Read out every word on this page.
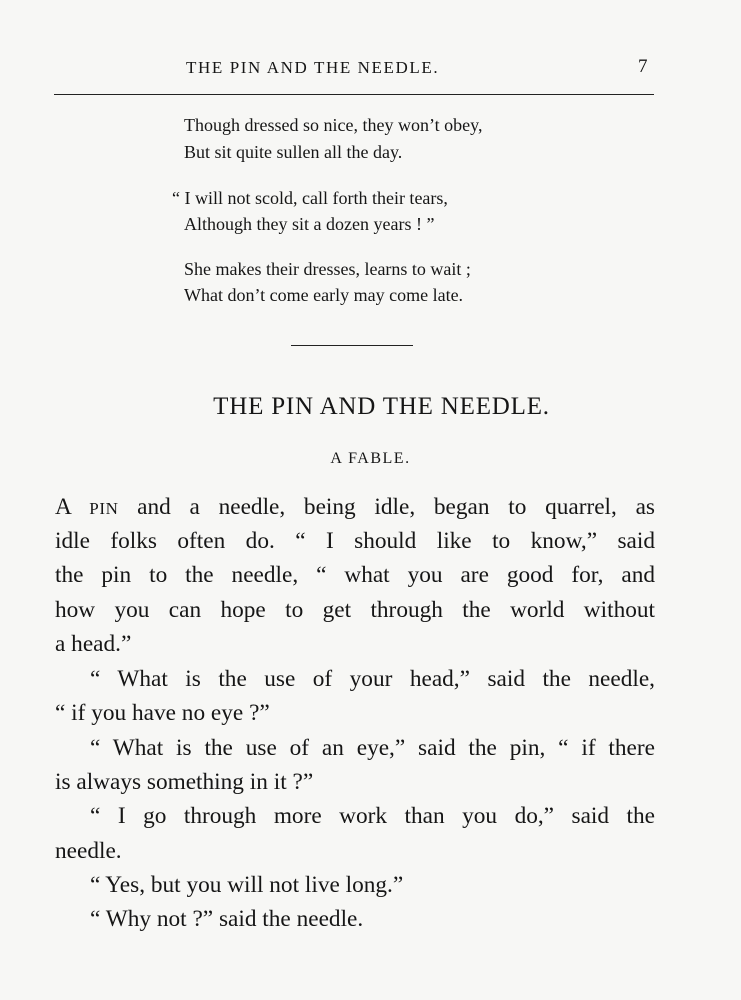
THE PIN AND THE NEEDLE.	7
Though dressed so nice, they won’t obey,
But sit quite sullen all the day.
“ I will not scold, call forth their tears,
Although they sit a dozen years ! ”
She makes their dresses, learns to wait ;
What don’t come early may come late.
THE PIN AND THE NEEDLE.
A FABLE.
A PIN and a needle, being idle, began to quarrel, as
idle folks often do. “ I should like to know,” said
the pin to the needle, “ what you are good for, and
how you can hope to get through the world without
a head.”
“ What is the use of your head,” said the needle,
“ if you have no eye ?”
“ What is the use of an eye,” said the pin, “ if there
is always something in it ?”
“ I go through more work than you do,” said the
needle.
“ Yes, but you will not live long.”
“ Why not ?” said the needle.
